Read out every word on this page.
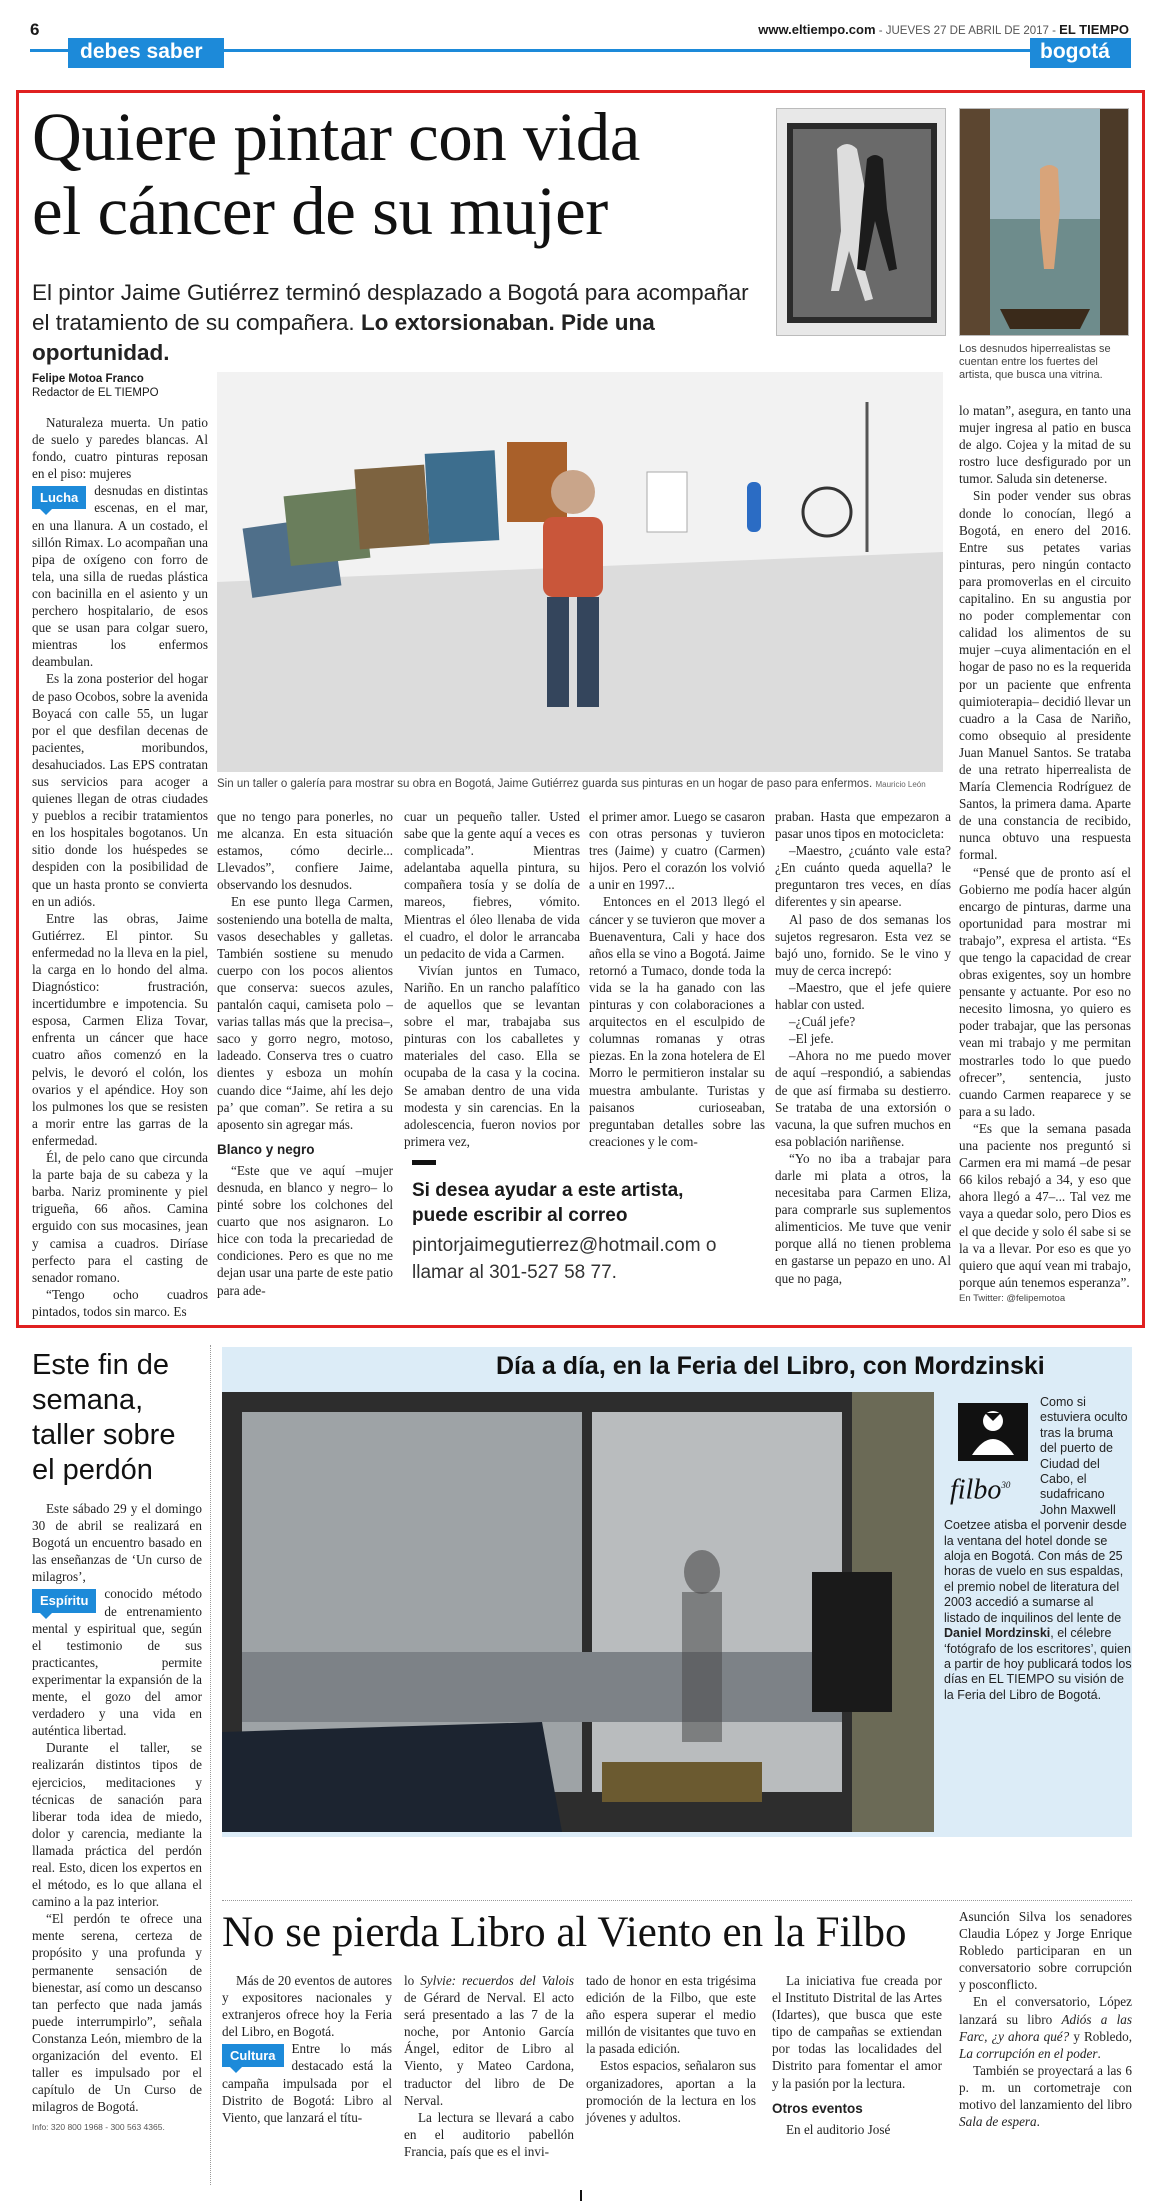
6	www.eltiempo.com - JUEVES 27 DE ABRIL DE 2017 - EL TIEMPO
debes saber	bogotá
Quiere pintar con vida
el cáncer de su mujer
El pintor Jaime Gutiérrez terminó desplazado a Bogotá para acompañar el tratamiento de su compañera. Lo extorsionaban. Pide una oportunidad.	Los desnudos hiperrealistas se cuentan entre los fuertes del artista, que busca una vitrina.
Felipe Motoa Franco
Redactor de EL TIEMPO
Sin un taller o galería para mostrar su obra en Bogotá, Jaime Gutiérrez guarda sus pinturas en un hogar de paso para enfermos. Mauricio León

Naturaleza muerta. Un patio de suelo y paredes blancas. Al fondo, cuatro pinturas reposan en el piso: mujeres

Lucha	desnudas en distintas escenas, en el mar, en una llanura. A un costado, el sillón Rimax. Lo acompañan una pipa de oxígeno con forro de tela, una silla de ruedas plástica con bacinilla en el asiento y un perchero hospitalario, de esos que se usan para colgar suero, mientras los enfermos deambulan.

Es la zona posterior del hogar de paso Ocobos, sobre la avenida Boyacá con calle 55, un lugar por el que desfilan decenas de pacientes, moribundos, desahuciados. Las EPS contratan sus servicios para acoger a quienes llegan de otras ciudades y pueblos a recibir tratamientos en los hospitales bogotanos. Un sitio donde los huéspedes se despiden con la posibilidad de que un hasta pronto se convierta en un adiós.

Entre las obras, Jaime Gutiérrez. El pintor. Su enfermedad no la lleva en la piel, la carga en lo hondo del alma. Diagnóstico: frustración, incertidumbre e impotencia. Su esposa, Carmen Eliza Tovar, enfrenta un cáncer que hace cuatro años comenzó en la pelvis, le devoró el colón, los ovarios y el apéndice. Hoy son los pulmones los que se resisten a morir entre las garras de la enfermedad.

Él, de pelo cano que circunda la parte baja de su cabeza y la barba. Nariz prominente y piel trigueña, 66 años. Camina erguido con sus mocasines, jean y camisa a cuadros. Diríase perfecto para el casting de senador romano.

“Tengo ocho cuadros pintados, todos sin marco. Es

que no tengo para ponerles, no me alcanza. En esta situación estamos, cómo decirle... Llevados”, confiere Jaime, observando los desnudos.

En ese punto llega Carmen, sosteniendo una botella de malta, vasos desechables y galletas. También sostiene su menudo cuerpo con los pocos alientos que conserva: suecos azules, pantalón caqui, camiseta polo –varias tallas más que la precisa–, saco y gorro negro, motoso, ladeado. Conserva tres o cuatro dientes y esboza un mohín cuando dice “Jaime, ahí les dejo pa’ que coman”. Se retira a su aposento sin agregar más.

Blanco y negro

“Este que ve aquí –mujer desnuda, en blanco y negro– lo pinté sobre los colchones del cuarto que nos asignaron. Lo hice con toda la precariedad de condiciones. Pero es que no me dejan usar una parte de este patio para ade-

cuar un pequeño taller. Usted sabe que la gente aquí a veces es complicada”. Mientras adelantaba aquella pintura, su compañera tosía y se dolía de mareos, fiebres, vómito. Mientras el óleo llenaba de vida el cuadro, el dolor le arrancaba un pedacito de vida a Carmen.

Vivían juntos en Tumaco, Nariño. En un rancho palafítico de aquellos que se levantan sobre el mar, trabajaba sus pinturas con los caballetes y materiales del caso. Ella se ocupaba de la casa y la cocina. Se amaban dentro de una vida modesta y sin carencias. En la adolescencia, fueron novios por primera vez,

el primer amor. Luego se casaron con otras personas y tuvieron tres (Jaime) y cuatro (Carmen) hijos. Pero el corazón los volvió a unir en 1997...

Entonces en el 2013 llegó el cáncer y se tuvieron que mover a Buenaventura, Cali y hace dos años ella se vino a Bogotá. Jaime retornó a Tumaco, donde toda la vida se la ha ganado con las pinturas y con colaboraciones a arquitectos en el esculpido de columnas romanas y otras piezas. En la zona hotelera de El Morro le permitieron instalar su muestra ambulante. Turistas y paisanos curioseaban, preguntaban detalles sobre las creaciones y le com-

praban. Hasta que empezaron a pasar unos tipos en motocicleta:

–Maestro, ¿cuánto vale esta? ¿En cuánto queda aquella? le preguntaron tres veces, en días diferentes y sin apearse.

Al paso de dos semanas los sujetos regresaron. Esta vez se bajó uno, fornido. Se le vino y muy de cerca increpó:

–Maestro, que el jefe quiere hablar con usted.

–¿Cuál jefe?

–El jefe.

–Ahora no me puedo mover de aquí –respondió, a sabiendas de que así firmaba su destierro. Se trataba de una extorsión o vacuna, la que sufren muchos en esa población nariñense.

“Yo no iba a trabajar para darle mi plata a otros, la necesitaba para Carmen Eliza, para comprarle sus suplementos alimenticios. Me tuve que venir porque allá no tienen problema en gastarse un pepazo en uno. Al que no paga,

lo matan”, asegura, en tanto una mujer ingresa al patio en busca de algo. Cojea y la mitad de su rostro luce desfigurado por un tumor. Saluda sin detenerse.

Sin poder vender sus obras donde lo conocían, llegó a Bogotá, en enero del 2016. Entre sus petates varias pinturas, pero ningún contacto para promoverlas en el circuito capitalino. En su angustia por no poder complementar con calidad los alimentos de su mujer –cuya alimentación en el hogar de paso no es la requerida por un paciente que enfrenta quimioterapia– decidió llevar un cuadro a la Casa de Nariño, como obsequio al presidente Juan Manuel Santos. Se trataba de una retrato hiperrealista de María Clemencia Rodríguez de Santos, la primera dama. Aparte de una constancia de recibido, nunca obtuvo una respuesta formal.

“Pensé que de pronto así el Gobierno me podía hacer algún encargo de pinturas, darme una oportunidad para mostrar mi trabajo”, expresa el artista. “Es que tengo la capacidad de crear obras exigentes, soy un hombre pensante y actuante. Por eso no necesito limosna, yo quiero es poder trabajar, que las personas vean mi trabajo y me permitan mostrarles todo lo que puedo ofrecer”, sentencia, justo cuando Carmen reaparece y se para a su lado.

“Es que la semana pasada una paciente nos preguntó si Carmen era mi mamá –de pesar 66 kilos rebajó a 34, y eso que ahora llegó a 47–... Tal vez me vaya a quedar solo, pero Dios es el que decide y solo él sabe si se la va a llevar. Por eso es que yo quiero que aquí vean mi trabajo, porque aún tenemos esperanza”.

En Twitter: @felipemotoa
Si desea ayudar a este artista, puede escribir al correo
pintorjaimegutierrez@hotmail.com o llamar al 301-527 58 77.
Este fin de semana, taller sobre el perdón

Este sábado 29 y el domingo 30 de abril se realizará en Bogotá un encuentro basado en las enseñanzas de ‘Un curso de milagros’,

Espíritu	conocido método de entrenamiento mental y espiritual que, según el testimonio de sus practicantes, permite experimentar la expansión de la mente, el gozo del amor verdadero y una vida en auténtica libertad.

Durante el taller, se realizarán distintos tipos de ejercicios, meditaciones y técnicas de sanación para liberar toda idea de miedo, dolor y carencia, mediante la llamada práctica del perdón real. Esto, dicen los expertos en el método, es lo que allana el camino a la paz interior.

“El perdón te ofrece una mente serena, certeza de propósito y una profunda y permanente sensación de bienestar, así como un descanso tan perfecto que nada jamás puede interrumpirlo”, señala Constanza León, miembro de la organización del evento. El taller es impulsado por el capítulo de Un Curso de milagros de Bogotá.

Info: 320 800 1968 - 300 563 4365.

Día a día, en la Feria del Libro, con Mordzinski
filbo$^{30}$
Como si estuviera oculto tras la bruma del puerto de Ciudad del Cabo, el sudafricano John Maxwell Coetzee atisba el porvenir desde la ventana del hotel donde se aloja en Bogotá. Con más de 25 horas de vuelo en sus espaldas, el premio nobel de literatura del 2003 accedió a sumarse al listado de inquilinos del lente de Daniel Mordzinski, el célebre ‘fotógrafo de los escritores’, quien a partir de hoy publicará todos los días en EL TIEMPO su visión de la Feria del Libro de Bogotá.
No se pierda Libro al Viento en la Filbo

Más de 20 eventos de autores y expositores nacionales y extranjeros ofrece hoy la Feria del Libro, en Bogotá.

Cultura	Entre lo más destacado está la campaña impulsada por el Distrito de Bogotá: Libro al Viento, que lanzará el títu-

lo Sylvie: recuerdos del Valois de Gérard de Nerval. El acto será presentado a las 7 de la noche, por Antonio García Ángel, editor de Libro al Viento, y Mateo Cardona, traductor del libro de De Nerval.

La lectura se llevará a cabo en el auditorio pabellón Francia, país que es el invi-

tado de honor en esta trigésima edición de la Filbo, que este año espera superar el medio millón de visitantes que tuvo en la pasada edición.

Estos espacios, señalaron sus organizadores, aportan a la promoción de la lectura en los jóvenes y adultos.

La iniciativa fue creada por el Instituto Distrital de las Artes (Idartes), que busca que este tipo de campañas se extiendan por todas las localidades del Distrito para fomentar el amor y la pasión por la lectura.

Otros eventos

En el auditorio José

Asunción Silva los senadores Claudia López y Jorge Enrique Robledo participaran en un conversatorio sobre corrupción y posconflicto.

En el conversatorio, López lanzará su libro Adiós a las Farc, ¿y ahora qué? y Robledo, La corrupción en el poder.

También se proyectará a las 6 p. m. un cortometraje con motivo del lanzamiento del libro Sala de espera.
